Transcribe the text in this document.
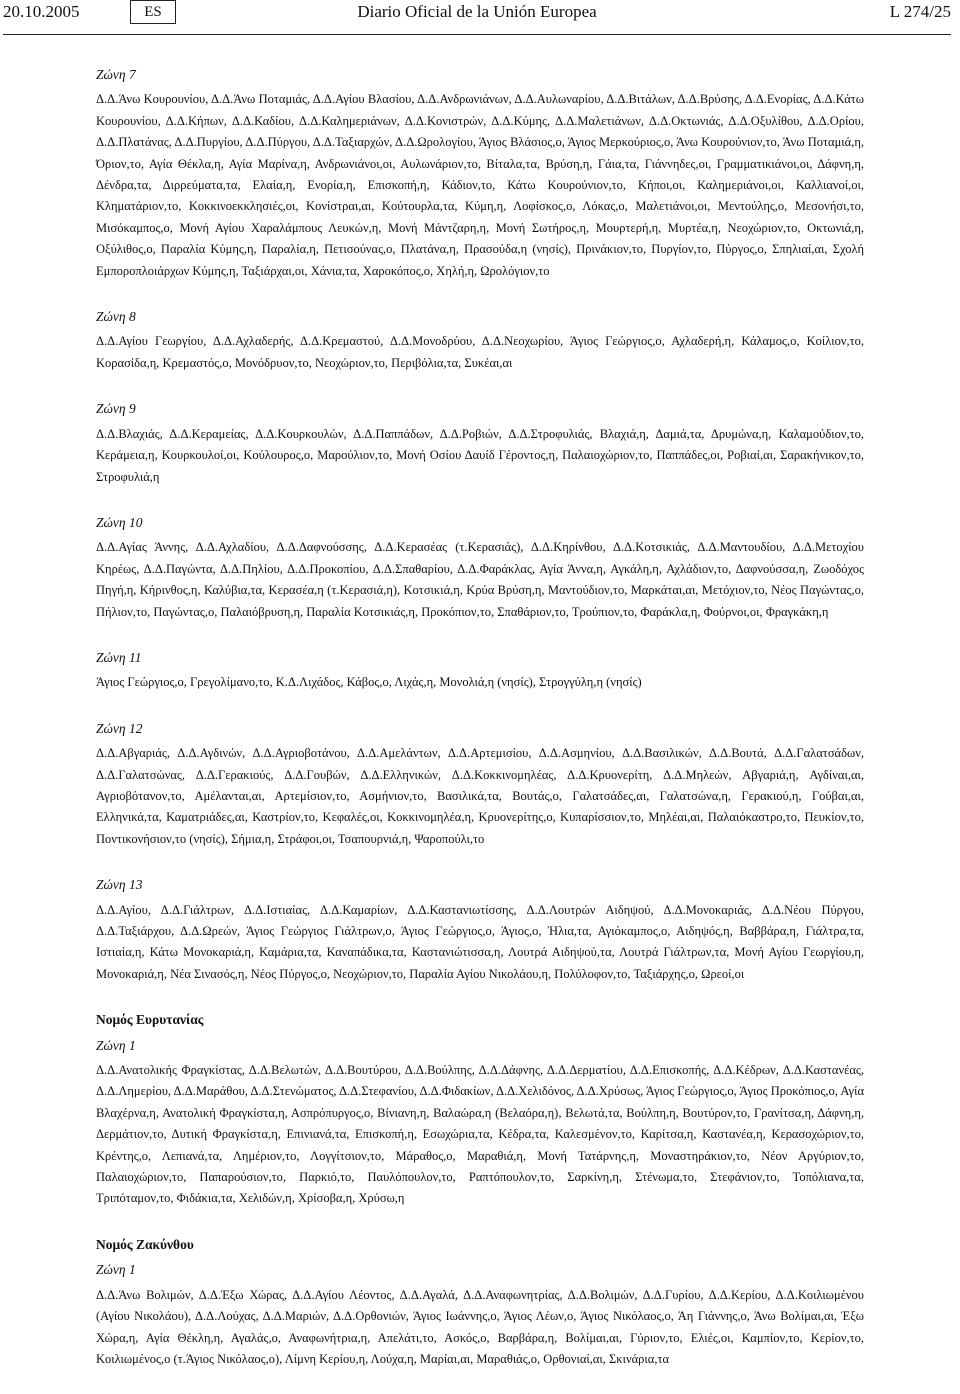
20.10.2005	ES	Diario Oficial de la Unión Europea	L 274/25
Ζώνη 7
Δ.Δ.Άνω Κουρουνίου, Δ.Δ.Άνω Ποταμιάς, Δ.Δ.Αγίου Βλασίου, Δ.Δ.Ανδρωνιάνων, Δ.Δ.Αυλωναρίου, Δ.Δ.Βιτάλων, Δ.Δ.Βρύσης, Δ.Δ.Ενορίας, Δ.Δ.Κάτω Κουρουνίου, Δ.Δ.Κήπων, Δ.Δ.Καδίου, Δ.Δ.Καλημεριάνων, Δ.Δ.Κονιστρών, Δ.Δ.Κύμης, Δ.Δ.Μαλετιάνων, Δ.Δ.Οκτωνιάς, Δ.Δ.Οξυλίθου, Δ.Δ.Ορίου, Δ.Δ.Πλατάνας, Δ.Δ.Πυργίου, Δ.Δ.Πύργου, Δ.Δ.Ταξιαρχών, Δ.Δ.Ωρολογίου, Άγιος Βλάσιος,ο, Άγιος Μερκούριος,ο, Άνω Κουρούνιον,το, Άνω Ποταμιά,η, Όριον,το, Αγία Θέκλα,η, Αγία Μαρίνα,η, Ανδρωνιάνοι,οι, Αυλωνάριον,το, Βίταλα,τα, Βρύση,η, Γάια,τα, Γιάννηδες,οι, Γραμματικιάνοι,οι, Δάφνη,η, Δένδρα,τα, Διρρεύματα,τα, Ελαία,η, Ενορία,η, Επισκοπή,η, Κάδιον,το, Κάτω Κουρούνιον,το, Κήποι,οι, Καλημεριάνοι,οι, Καλλιανοί,οι, Κληματάριον,το, Κοκκινοεκκλησιές,οι, Κονίστραι,αι, Κούτουρλα,τα, Κύμη,η, Λοφίσκος,ο, Λόκας,ο, Μαλετιάνοι,οι, Μεντούλης,ο, Μεσονήσι,το, Μισόκαμπος,ο, Μονή Αγίου Χαραλάμπους Λευκών,η, Μονή Μάντζαρη,η, Μονή Σωτήρος,η, Μουρτερή,η, Μυρτέα,η, Νεοχώριον,το, Οκτωνιά,η, Οξύλιθος,ο, Παραλία Κύμης,η, Παραλία,η, Πετισούνας,ο, Πλατάνα,η, Πρασούδα,η (νησίς), Πρινάκιον,το, Πυργίον,το, Πύργος,ο, Σπηλιαί,αι, Σχολή Εμποροπλοιάρχων Κύμης,η, Ταξιάρχαι,οι, Χάνια,τα, Χαροκόπος,ο, Χηλή,η, Ωρολόγιον,το
Ζώνη 8
Δ.Δ.Αγίου Γεωργίου, Δ.Δ.Αχλαδερής, Δ.Δ.Κρεμαστού, Δ.Δ.Μονοδρύου, Δ.Δ.Νεοχωρίου, Άγιος Γεώργιος,ο, Αχλαδερή,η, Κάλαμος,ο, Κοίλιον,το, Κορασίδα,η, Κρεμαστός,ο, Μονόδρυον,το, Νεοχώριον,το, Περιβόλια,τα, Συκέαι,αι
Ζώνη 9
Δ.Δ.Βλαχιάς, Δ.Δ.Κεραμείας, Δ.Δ.Κουρκουλών, Δ.Δ.Παππάδων, Δ.Δ.Ροβιών, Δ.Δ.Στροφυλιάς, Βλαχιά,η, Δαμιά,τα, Δρυμώνα,η, Καλαμούδιον,το, Κεράμεια,η, Κουρκουλοί,οι, Κούλουρος,ο, Μαρούλιον,το, Μονή Οσίου Δαυίδ Γέροντος,η, Παλαιοχώριον,το, Παππάδες,οι, Ροβιαί,αι, Σαρακήνικον,το, Στροφυλιά,η
Ζώνη 10
Δ.Δ.Αγίας Άννης, Δ.Δ.Αχλαδίου, Δ.Δ.Δαφνούσσης, Δ.Δ.Κερασέας (τ.Κερασιάς), Δ.Δ.Κηρίνθου, Δ.Δ.Κοτσικιάς, Δ.Δ.Μαντουδίου, Δ.Δ.Μετοχίου Κηρέως, Δ.Δ.Παγώντα, Δ.Δ.Πηλίου, Δ.Δ.Προκοπίου, Δ.Δ.Σπαθαρίου, Δ.Δ.Φαράκλας, Αγία Άννα,η, Αγκάλη,η, Αχλάδιον,το, Δαφνούσσα,η, Ζωοδόχος Πηγή,η, Κήρινθος,η, Καλύβια,τα, Κερασέα,η (τ.Κερασιά,η), Κοτσικιά,η, Κρύα Βρύση,η, Μαντούδιον,το, Μαρκάται,αι, Μετόχιον,το, Νέος Παγώντας,ο, Πήλιον,το, Παγώντας,ο, Παλαιόβρυση,η, Παραλία Κοτσικιάς,η, Προκόπιον,το, Σπαθάριον,το, Τρούπιον,το, Φαράκλα,η, Φούρνοι,οι, Φραγκάκη,η
Ζώνη 11
Άγιος Γεώργιος,ο, Γρεγολίμανο,το, Κ.Δ.Λιχάδος, Κάβος,ο, Λιχάς,η, Μονολιά,η (νησίς), Στρογγύλη,η (νησίς)
Ζώνη 12
Δ.Δ.Αβγαριάς, Δ.Δ.Αγδινών, Δ.Δ.Αγριοβοτάνου, Δ.Δ.Αμελάντων, Δ.Δ.Αρτεμισίου, Δ.Δ.Ασμηνίου, Δ.Δ.Βασιλικών, Δ.Δ.Βουτά, Δ.Δ.Γαλατσάδων, Δ.Δ.Γαλατσώνας, Δ.Δ.Γερακιούς, Δ.Δ.Γουβών, Δ.Δ.Ελληνικών, Δ.Δ.Κοκκινομηλέας, Δ.Δ.Κρυονερίτη, Δ.Δ.Μηλεών, Αβγαριά,η, Αγδίναι,αι, Αγριοβότανον,το, Αμέλανται,αι, Αρτεμίσιον,το, Ασμήνιον,το, Βασιλικά,τα, Βουτάς,ο, Γαλατσάδες,αι, Γαλατσώνα,η, Γερακιού,η, Γούβαι,αι, Ελληνικά,τα, Καματριάδες,αι, Καστρίον,το, Κεφαλές,οι, Κοκκινομηλέα,η, Κρυονερίτης,ο, Κυπαρίσσιον,το, Μηλέαι,αι, Παλαιόκαστρο,το, Πευκίον,το, Ποντικονήσιον,το (νησίς), Σήμια,η, Στράφοι,οι, Τσαπουρνιά,η, Ψαροπούλι,το
Ζώνη 13
Δ.Δ.Αγίου, Δ.Δ.Γιάλτρων, Δ.Δ.Ιστιαίας, Δ.Δ.Καμαρίων, Δ.Δ.Καστανιωτίσσης, Δ.Δ.Λουτρών Αιδηψού, Δ.Δ.Μονοκαριάς, Δ.Δ.Νέου Πύργου, Δ.Δ.Ταξιάρχου, Δ.Δ.Ωρεών, Άγιος Γεώργιος Γιάλτρων,ο, Άγιος Γεώργιος,ο, Άγιος,ο, Ήλια,τα, Αγιόκαμπος,ο, Αιδηψός,η, Βαββάρα,η, Γιάλτρα,τα, Ιστιαία,η, Κάτω Μονοκαριά,η, Καμάρια,τα, Καναπάδικα,τα, Καστανιώτισσα,η, Λουτρά Αιδηψού,τα, Λουτρά Γιάλτρων,τα, Μονή Αγίου Γεωργίου,η, Μονοκαριά,η, Νέα Σινασός,η, Νέος Πύργος,ο, Νεοχώριον,το, Παραλία Αγίου Νικολάου,η, Πολύλοφον,το, Ταξιάρχης,ο, Ωρεοί,οι
Νομός Ευρυτανίας
Ζώνη 1
Δ.Δ.Ανατολικής Φραγκίστας, Δ.Δ.Βελωτών, Δ.Δ.Βουτύρου, Δ.Δ.Βούλπης, Δ.Δ.Δάφνης, Δ.Δ.Δερματίου, Δ.Δ.Επισκοπής, Δ.Δ.Κέδρων, Δ.Δ.Καστανέας, Δ.Δ.Λημερίου, Δ.Δ.Μαράθου, Δ.Δ.Στενώματος, Δ.Δ.Στεφανίου, Δ.Δ.Φιδακίων, Δ.Δ.Χελιδόνος, Δ.Δ.Χρύσως, Άγιος Γεώργιος,ο, Άγιος Προκόπιος,ο, Αγία Βλαχέρνα,η, Ανατολική Φραγκίστα,η, Ασπρόπυργος,ο, Βίνιανη,η, Βαλαώρα,η (Βελαόρα,η), Βελωτά,τα, Βούλπη,η, Βουτύρον,το, Γρανίτσα,η, Δάφνη,η, Δερμάτιον,το, Δυτική Φραγκίστα,η, Επινιανά,τα, Επισκοπή,η, Εσωχώρια,τα, Κέδρα,τα, Καλεσμένον,το, Καρίτσα,η, Καστανέα,η, Κερασοχώριον,το, Κρέντης,ο, Λεπιανά,τα, Λημέριον,το, Λογγίτσιον,το, Μάραθος,ο, Μαραθιά,η, Μονή Τατάρνης,η, Μοναστηράκιον,το, Νέον Αργύριον,το, Παλαιοχώριον,το, Παπαρούσιον,το, Παρκιό,το, Παυλόπουλον,το, Ραπτόπουλον,το, Σαρκίνη,η, Στένωμα,το, Στεφάνιον,το, Τοπόλιανα,τα, Τριπόταμον,το, Φιδάκια,τα, Χελιδών,η, Χρίσοβα,η, Χρύσω,η
Νομός Ζακύνθου
Ζώνη 1
Δ.Δ.Άνω Βολιμών, Δ.Δ.Έξω Χώρας, Δ.Δ.Αγίου Λέοντος, Δ.Δ.Αγαλά, Δ.Δ.Αναφωνητρίας, Δ.Δ.Βολιμών, Δ.Δ.Γυρίου, Δ.Δ.Κερίου, Δ.Δ.Κοιλιωμένου (Αγίου Νικολάου), Δ.Δ.Λούχας, Δ.Δ.Μαριών, Δ.Δ.Ορθονιών, Άγιος Ιωάννης,ο, Άγιος Λέων,ο, Άγιος Νικόλαος,ο, Άη Γιάννης,ο, Άνω Βολίμαι,αι, Έξω Χώρα,η, Αγία Θέκλη,η, Αγαλάς,ο, Αναφωνήτρια,η, Απελάτι,το, Ασκός,ο, Βαρβάρα,η, Βολίμαι,αι, Γύριον,το, Ελιές,οι, Καμπίον,το, Κερίον,το, Κοιλιωμένος,ο (τ.Άγιος Νικόλαος,ο), Λίμνη Κερίου,η, Λούχα,η, Μαρίαι,αι, Μαραθιάς,ο, Ορθονιαί,αι, Σκινάρια,τα
